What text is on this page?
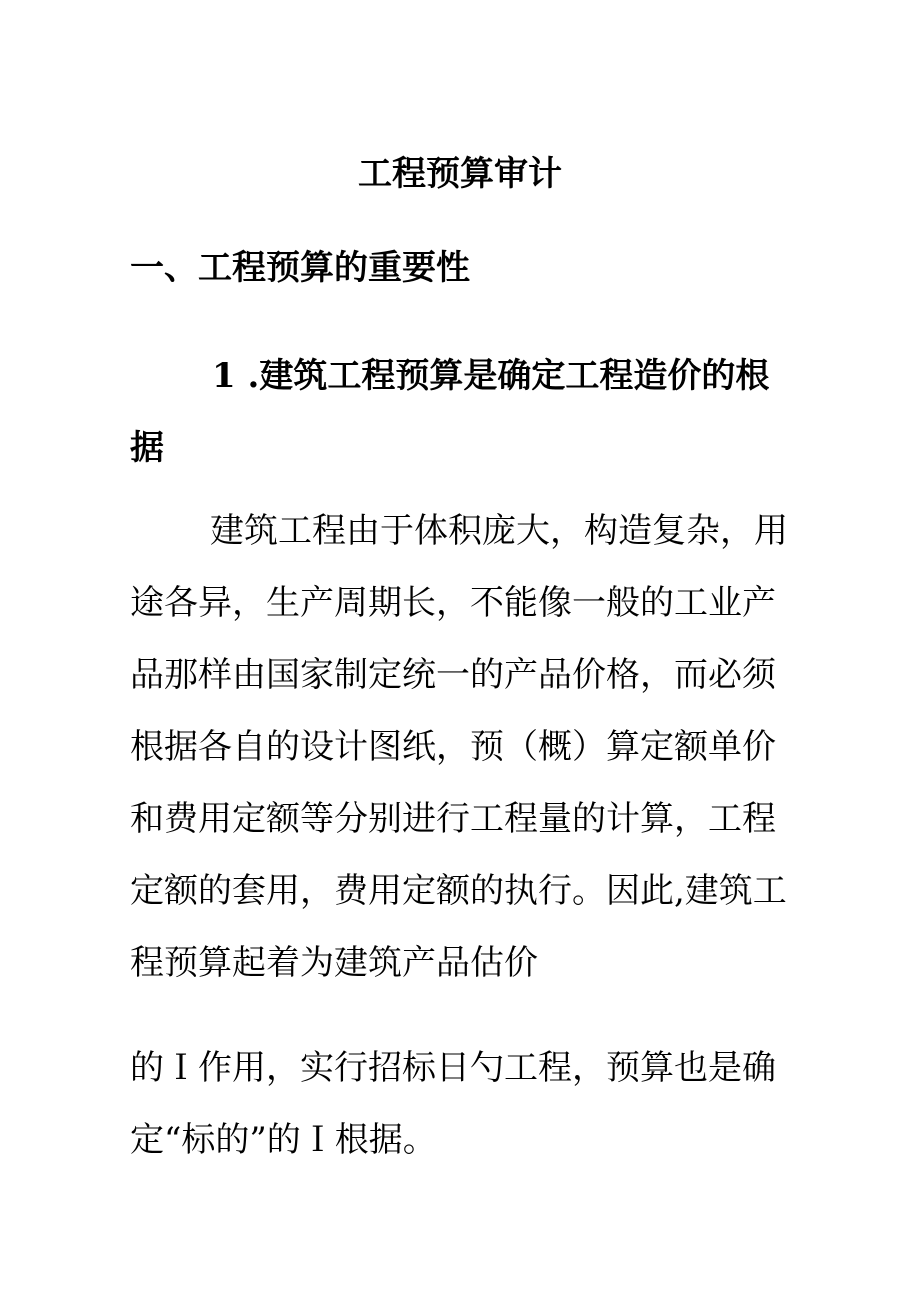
工程预算审计
一、工程预算的重要性
1 .建筑工程预算是确定工程造价的根据

建筑工程由于体积庞大，构造复杂，用途各异，生产周期长，不能像一般的工业产品那样由国家制定统一的产品价格，而必须根据各自的设计图纸，预（概）算定额单价和费用定额等分别进行工程量的计算，工程定额的套用，费用定额的执行。因此,建筑工程预算起着为建筑产品估价

的Ｉ作用，实行招标日勺工程，预算也是确定“标的”的Ｉ根据。
